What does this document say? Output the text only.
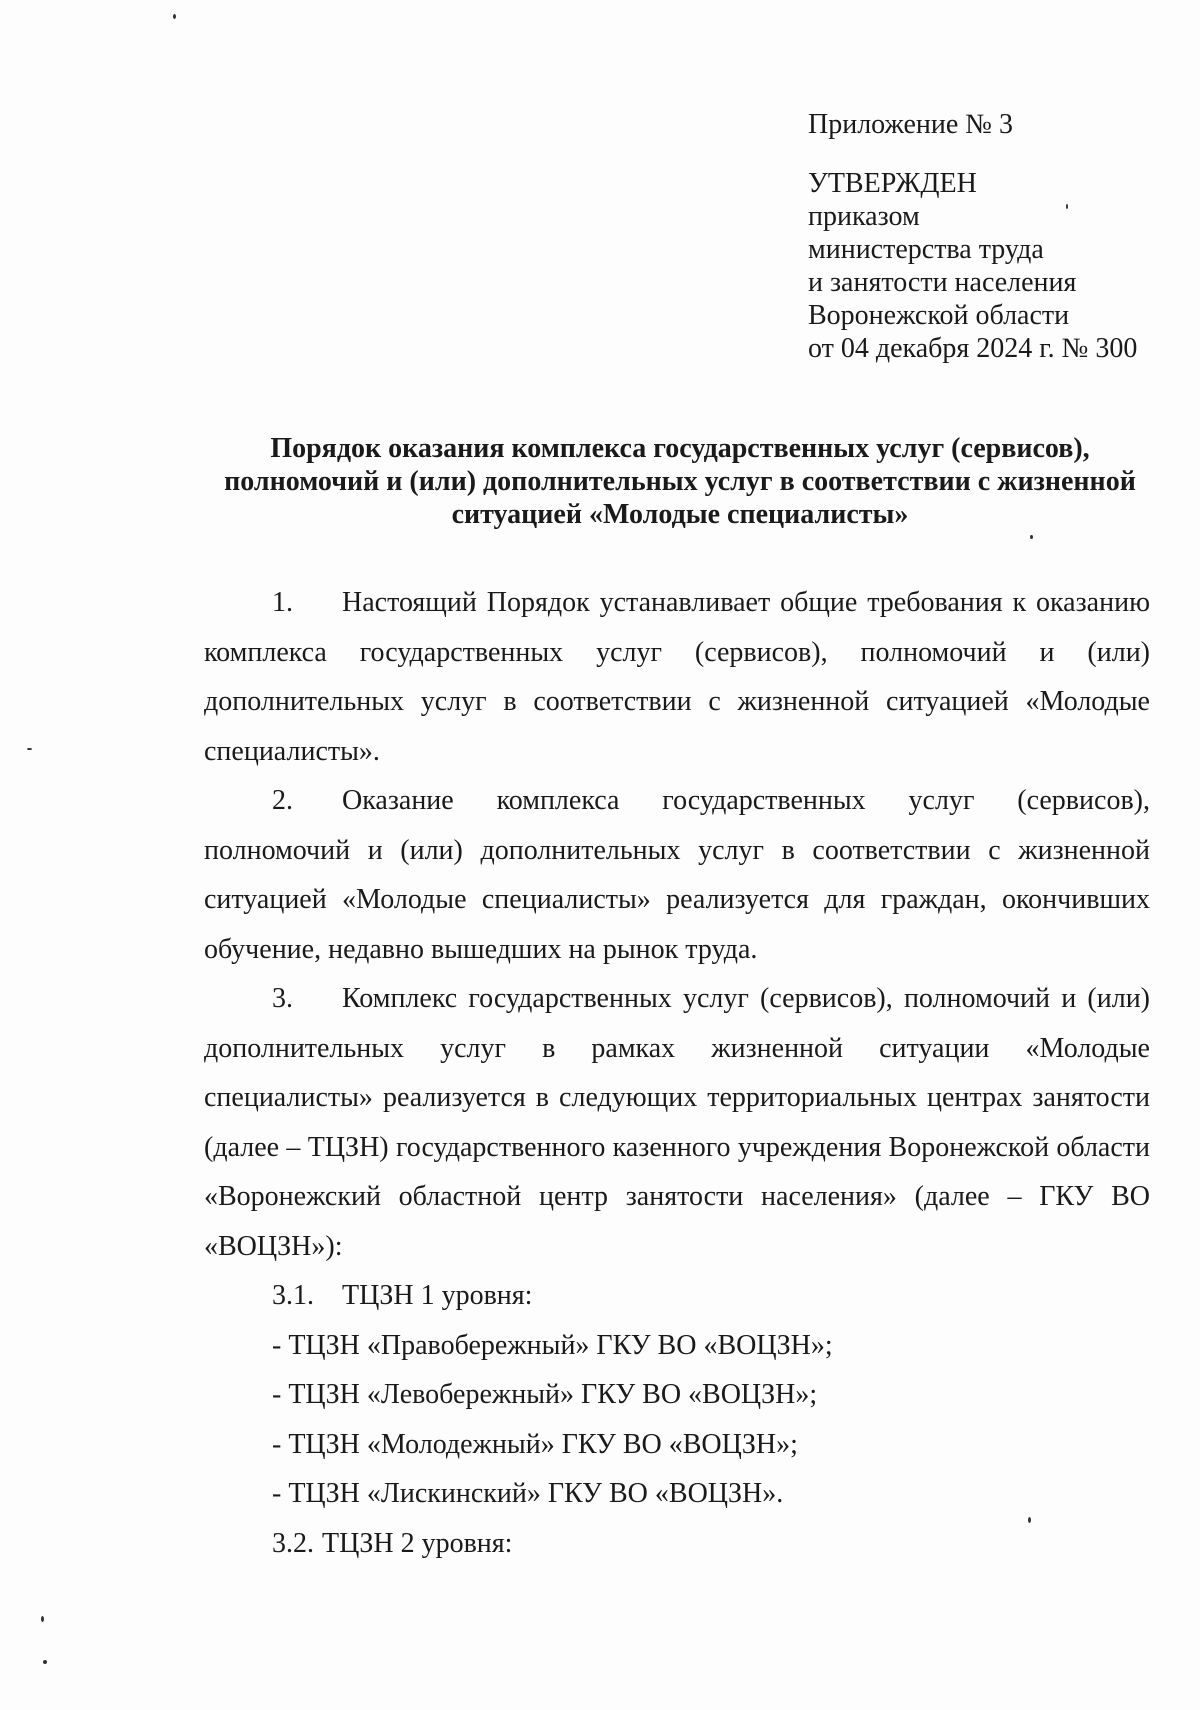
Приложение № 3
УТВЕРЖДЕН
приказом
министерства труда
и занятости населения
Воронежской области
от 04 декабря 2024 г. № 300
Порядок оказания комплекса государственных услуг (сервисов),
полномочий и (или) дополнительных услуг в соответствии с жизненной
ситуацией «Молодые специалисты»

1. Настоящий Порядок устанавливает общие требования к оказанию комплекса государственных услуг (сервисов), полномочий и (или) дополнительных услуг в соответствии с жизненной ситуацией «Молодые специалисты».

2. Оказание комплекса государственных услуг (сервисов), полномочий и (или) дополнительных услуг в соответствии с жизненной ситуацией «Молодые специалисты» реализуется для граждан, окончивших обучение, недавно вышедших на рынок труда.

3. Комплекс государственных услуг (сервисов), полномочий и (или) дополнительных услуг в рамках жизненной ситуации «Молодые специалисты» реализуется в следующих территориальных центрах занятости (далее – ТЦЗН) государственного казенного учреждения Воронежской области «Воронежский областной центр занятости населения» (далее – ГКУ ВО «ВОЦЗН»):

3.1. ТЦЗН 1 уровня:

- ТЦЗН «Правобережный» ГКУ ВО «ВОЦЗН»;

- ТЦЗН «Левобережный» ГКУ ВО «ВОЦЗН»;

- ТЦЗН «Молодежный» ГКУ ВО «ВОЦЗН»;

- ТЦЗН «Лискинский» ГКУ ВО «ВОЦЗН».

3.2. ТЦЗН 2 уровня:
